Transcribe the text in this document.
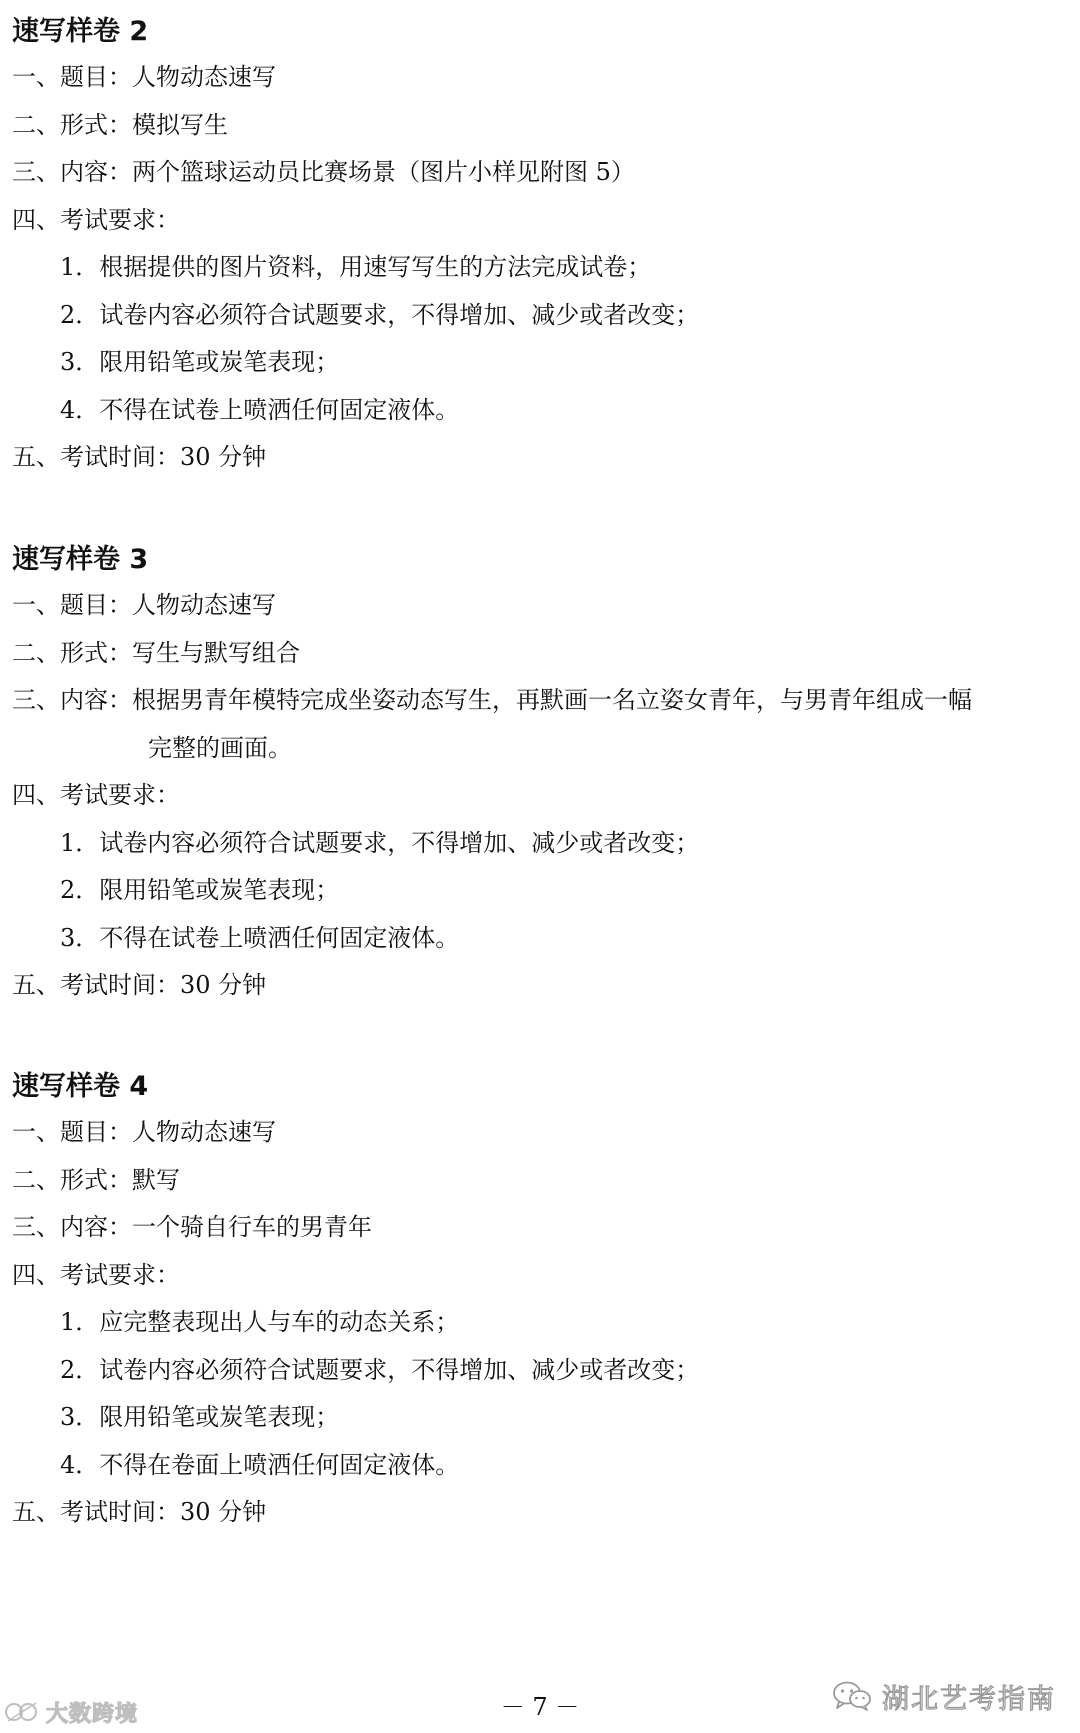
速写样卷 2
一、题目：人物动态速写
二、形式：模拟写生
三、内容：两个篮球运动员比赛场景（图片小样见附图 5）
四、考试要求：
1．根据提供的图片资料，用速写写生的方法完成试卷；
2．试卷内容必须符合试题要求，不得增加、减少或者改变；
3．限用铅笔或炭笔表现；
4．不得在试卷上喷洒任何固定液体。
五、考试时间：30 分钟
速写样卷 3
一、题目：人物动态速写
二、形式：写生与默写组合
三、内容：根据男青年模特完成坐姿动态写生，再默画一名立姿女青年，与男青年组成一幅
完整的画面。
四、考试要求：
1．试卷内容必须符合试题要求，不得增加、减少或者改变；
2．限用铅笔或炭笔表现；
3．不得在试卷上喷洒任何固定液体。
五、考试时间：30 分钟
速写样卷 4
一、题目：人物动态速写
二、形式：默写
三、内容：一个骑自行车的男青年
四、考试要求：
1．应完整表现出人与车的动态关系；
2．试卷内容必须符合试题要求，不得增加、减少或者改变；
3．限用铅笔或炭笔表现；
4．不得在卷面上喷洒任何固定液体。
五、考试时间：30 分钟
－ 7 －
大数跨境	湖北艺考指南
